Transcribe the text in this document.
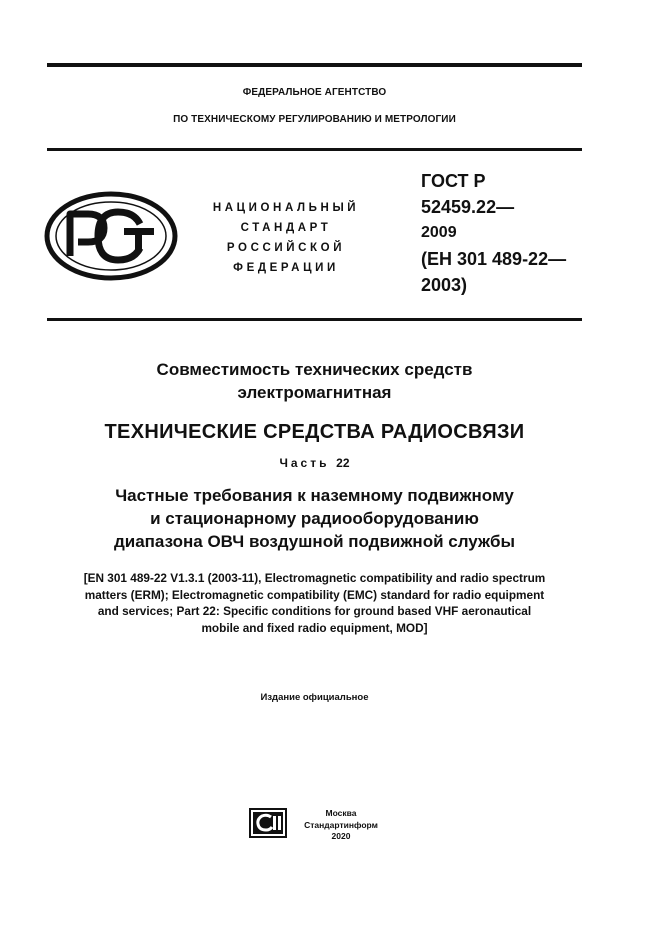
ФЕДЕРАЛЬНОЕ АГЕНТСТВО
ПО ТЕХНИЧЕСКОМУ РЕГУЛИРОВАНИЮ И МЕТРОЛОГИИ
НАЦИОНАЛЬНЫЙ
СТАНДАРТ
РОССИЙСКОЙ
ФЕДЕРАЦИИ
ГОСТ Р
52459.22—
2009
(ЕН 301 489-22—
2003)
Совместимость технических средств
электромагнитная
ТЕХНИЧЕСКИЕ СРЕДСТВА РАДИОСВЯЗИ
Часть 22
Частные требования к наземному подвижному
и стационарному радиооборудованию
диапазона ОВЧ воздушной подвижной службы
[EN 301 489-22 V1.3.1 (2003-11), Electromagnetic compatibility and radio spectrum
matters (ERM); Electromagnetic compatibility (EMC) standard for radio equipment
and services; Part 22: Specific conditions for ground based VHF aeronautical
mobile and fixed radio equipment, MOD]
Издание официальное
Москва
Стандартинформ
2020
